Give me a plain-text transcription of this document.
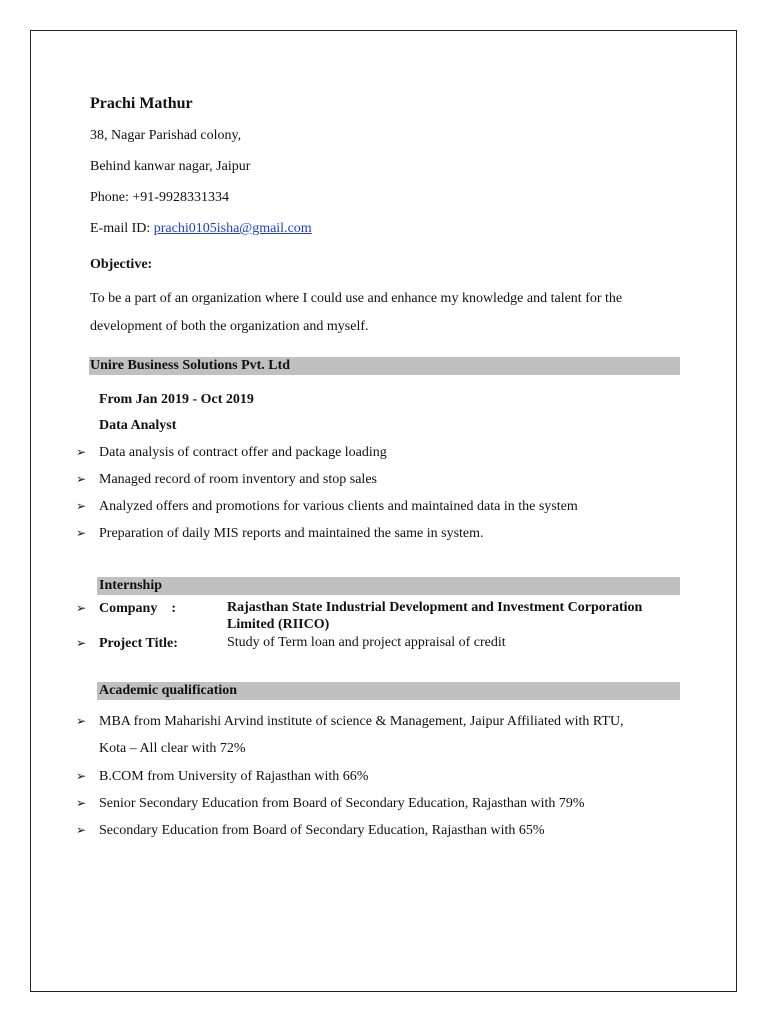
Prachi Mathur
38, Nagar Parishad colony,
Behind kanwar nagar, Jaipur
Phone: +91-9928331334
E-mail ID: prachi0105isha@gmail.com
Objective:
To be a part of an organization where I could use and enhance my knowledge and talent for the
development of both the organization and myself.
Unire Business Solutions Pvt. Ltd
From Jan 2019 - Oct 2019
Data Analyst
➢ Data analysis of contract offer and package loading
➢ Managed record of room inventory and stop sales
➢ Analyzed offers and promotions for various clients and maintained data in the system
➢ Preparation of daily MIS reports and maintained the same in system.
Internship
➢ Company    :	Rajasthan State Industrial Development and Investment Corporation
Limited (RIICO)
➢ Project Title:	Study of Term loan and project appraisal of credit
Academic qualification
➢ MBA from Maharishi Arvind institute of science & Management, Jaipur Affiliated with RTU,
Kota – All clear with 72%
➢ B.COM from University of Rajasthan with 66%
➢ Senior Secondary Education from Board of Secondary Education, Rajasthan with 79%
➢ Secondary Education from Board of Secondary Education, Rajasthan with 65%
